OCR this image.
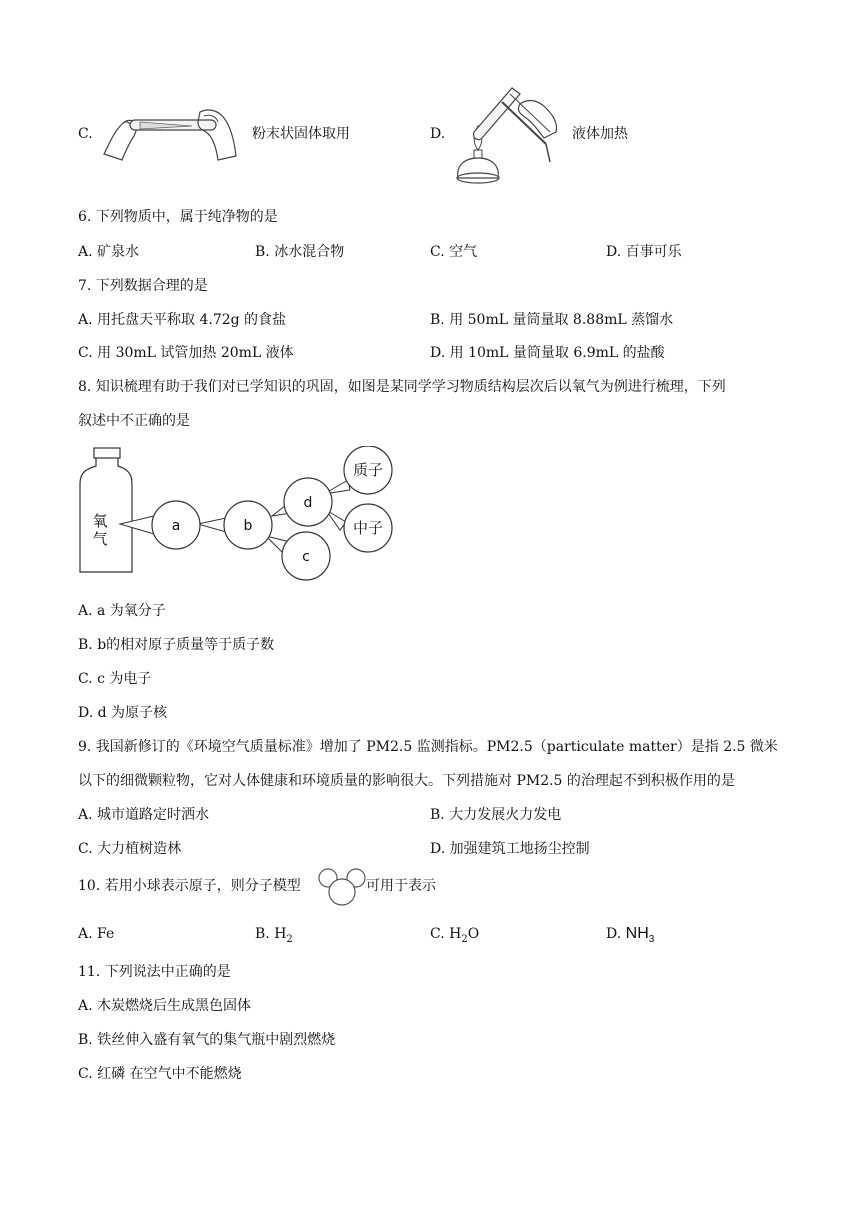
C.	粉末状固体取用	D.	液体加热
6. 下列物质中，属于纯净物的是
A. 矿泉水	B. 冰水混合物	C. 空气	D. 百事可乐
7. 下列数据合理的是
A. 用托盘天平称取 4.72g 的食盐	B. 用 50mL 量筒量取 8.88mL 蒸馏水
C. 用 30mL 试管加热 20mL 液体	D. 用 10mL 量筒量取 6.9mL 的盐酸
8. 知识梳理有助于我们对已学知识的巩固，如图是某同学学习物质结构层次后以氧气为例进行梳理，下列
叙述中不正确的是
氧
气
a	b
d
c
质子
中子
A. a 为氧分子
B. b的相对原子质量等于质子数
C. c 为电子
D. d 为原子核
9. 我国新修订的《环境空气质量标准》增加了 PM2.5 监测指标。PM2.5（particulate matter）是指 2.5 微米
以下的细微颗粒物，它对人体健康和环境质量的影响很大。下列措施对 PM2.5 的治理起不到积极作用的是
A. 城市道路定时洒水	B. 大力发展火力发电
C. 大力植树造林	D. 加强建筑工地扬尘控制
10. 若用小球表示原子，则分子模型	可用于表示
A. Fe	B. $H_2$	C. $H_2O$	D. $NH_3$
11. 下列说法中正确的是
A. 木炭燃烧后生成黑色固体
B. 铁丝伸入盛有氧气的集气瓶中剧烈燃烧
C. 红磷 在空气中不能燃烧
